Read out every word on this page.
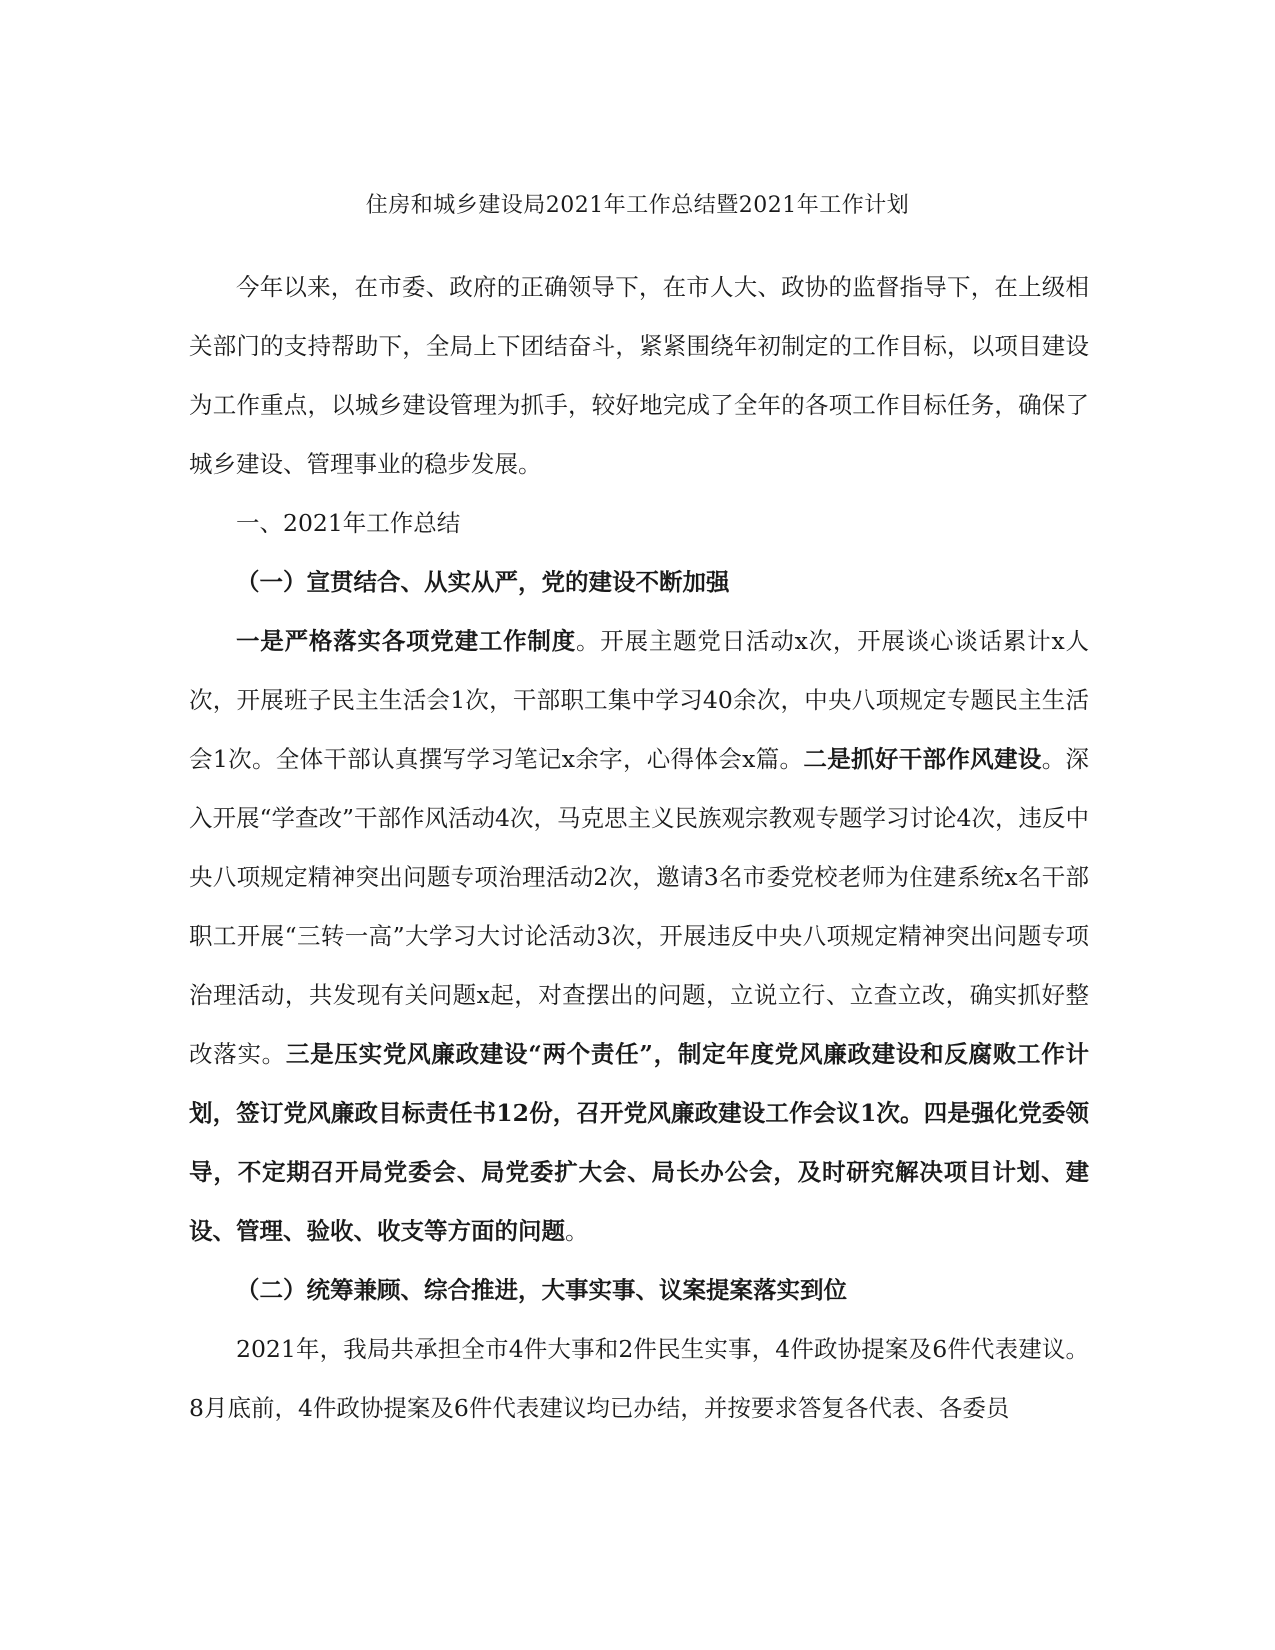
住房和城乡建设局2021年工作总结暨2021年工作计划

今年以来，在市委、政府的正确领导下，在市人大、政协的监督指导下，在上级相关部门的支持帮助下，全局上下团结奋斗，紧紧围绕年初制定的工作目标，以项目建设为工作重点，以城乡建设管理为抓手，较好地完成了全年的各项工作目标任务，确保了城乡建设、管理事业的稳步发展。

一、2021年工作总结

（一）宣贯结合、从实从严，党的建设不断加强

一是严格落实各项党建工作制度。开展主题党日活动x次，开展谈心谈话累计x人次，开展班子民主生活会1次，干部职工集中学习40余次，中央八项规定专题民主生活会1次。全体干部认真撰写学习笔记x余字，心得体会x篇。二是抓好干部作风建设。深入开展“学查改”干部作风活动4次，马克思主义民族观宗教观专题学习讨论4次，违反中央八项规定精神突出问题专项治理活动2次，邀请3名市委党校老师为住建系统x名干部职工开展“三转一高”大学习大讨论活动3次，开展违反中央八项规定精神突出问题专项治理活动，共发现有关问题x起，对查摆出的问题，立说立行、立查立改，确实抓好整改落实。三是压实党风廉政建设“两个责任”，制定年度党风廉政建设和反腐败工作计划，签订党风廉政目标责任书12份，召开党风廉政建设工作会议1次。四是强化党委领导，不定期召开局党委会、局党委扩大会、局长办公会，及时研究解决项目计划、建设、管理、验收、收支等方面的问题。

（二）统筹兼顾、综合推进，大事实事、议案提案落实到位

2021年，我局共承担全市4件大事和2件民生实事，4件政协提案及6件代表建议。8月底前，4件政协提案及6件代表建议均已办结，并按要求答复各代表、各委员
